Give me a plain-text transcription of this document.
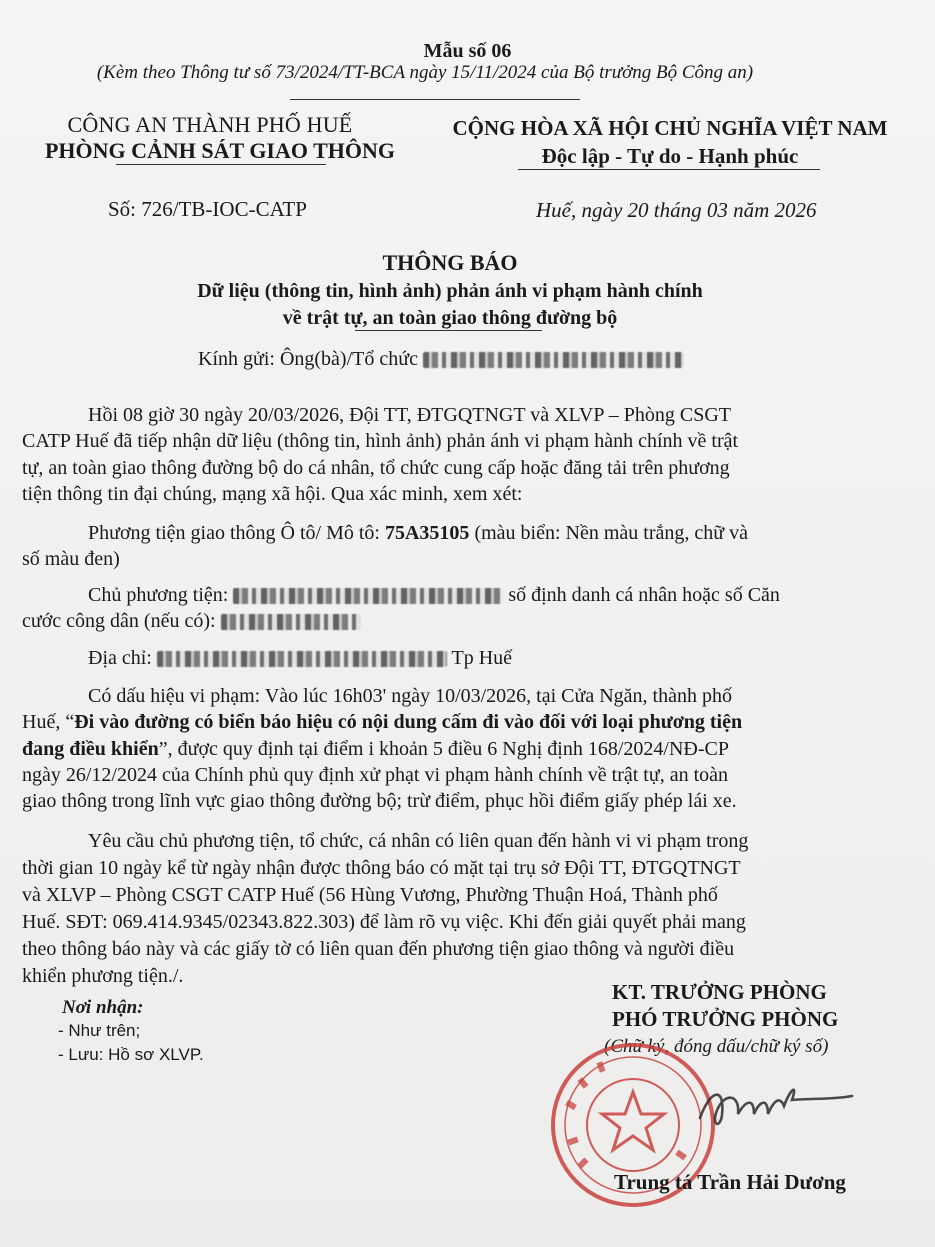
Mẫu số 06
(Kèm theo Thông tư số 73/2024/TT-BCA ngày 15/11/2024 của Bộ trưởng Bộ Công an)
CÔNG AN THÀNH PHỐ HUẾ
PHÒNG CẢNH SÁT GIAO THÔNG
CỘNG HÒA XÃ HỘI CHỦ NGHĨA VIỆT NAM
Độc lập - Tự do - Hạnh phúc
Số: 726/TB-IOC-CATP	Huế, ngày 20 tháng 03 năm 2026
THÔNG BÁO
Dữ liệu (thông tin, hình ảnh) phản ánh vi phạm hành chính
về trật tự, an toàn giao thông đường bộ
Kính gửi: Ông(bà)/Tổ chức
Hồi 08 giờ 30 ngày 20/03/2026, Đội TT, ĐTGQTNGT và XLVP – Phòng CSGT
CATP Huế đã tiếp nhận dữ liệu (thông tin, hình ảnh) phản ánh vi phạm hành chính về trật
tự, an toàn giao thông đường bộ do cá nhân, tổ chức cung cấp hoặc đăng tải trên phương
tiện thông tin đại chúng, mạng xã hội. Qua xác minh, xem xét:
Phương tiện giao thông Ô tô/ Mô tô: 75A35105 (màu biển: Nền màu trắng, chữ và
số màu đen)
Chủ phương tiện:	số định danh cá nhân hoặc số Căn
cước công dân (nếu có):
Địa chỉ:	Tp Huế
Có dấu hiệu vi phạm: Vào lúc 16h03' ngày 10/03/2026, tại Cửa Ngăn, thành phố
Huế, “Đi vào đường có biển báo hiệu có nội dung cấm đi vào đối với loại phương tiện
đang điều khiển”, được quy định tại điểm i khoản 5 điều 6 Nghị định 168/2024/NĐ-CP
ngày 26/12/2024 của Chính phủ quy định xử phạt vi phạm hành chính về trật tự, an toàn
giao thông trong lĩnh vực giao thông đường bộ; trừ điểm, phục hồi điểm giấy phép lái xe.
Yêu cầu chủ phương tiện, tổ chức, cá nhân có liên quan đến hành vi vi phạm trong
thời gian 10 ngày kể từ ngày nhận được thông báo có mặt tại trụ sở Đội TT, ĐTGQTNGT
và XLVP – Phòng CSGT CATP Huế (56 Hùng Vương, Phường Thuận Hoá, Thành phố
Huế. SĐT: 069.414.9345/02343.822.303) để làm rõ vụ việc. Khi đến giải quyết phải mang
theo thông báo này và các giấy tờ có liên quan đến phương tiện giao thông và người điều
khiển phương tiện./.
Nơi nhận:
- Như trên;
- Lưu: Hồ sơ XLVP.
KT. TRƯỞNG PHÒNG
PHÓ TRƯỞNG PHÒNG
(Chữ ký, đóng dấu/chữ ký số)
Trung tá Trần Hải Dương
